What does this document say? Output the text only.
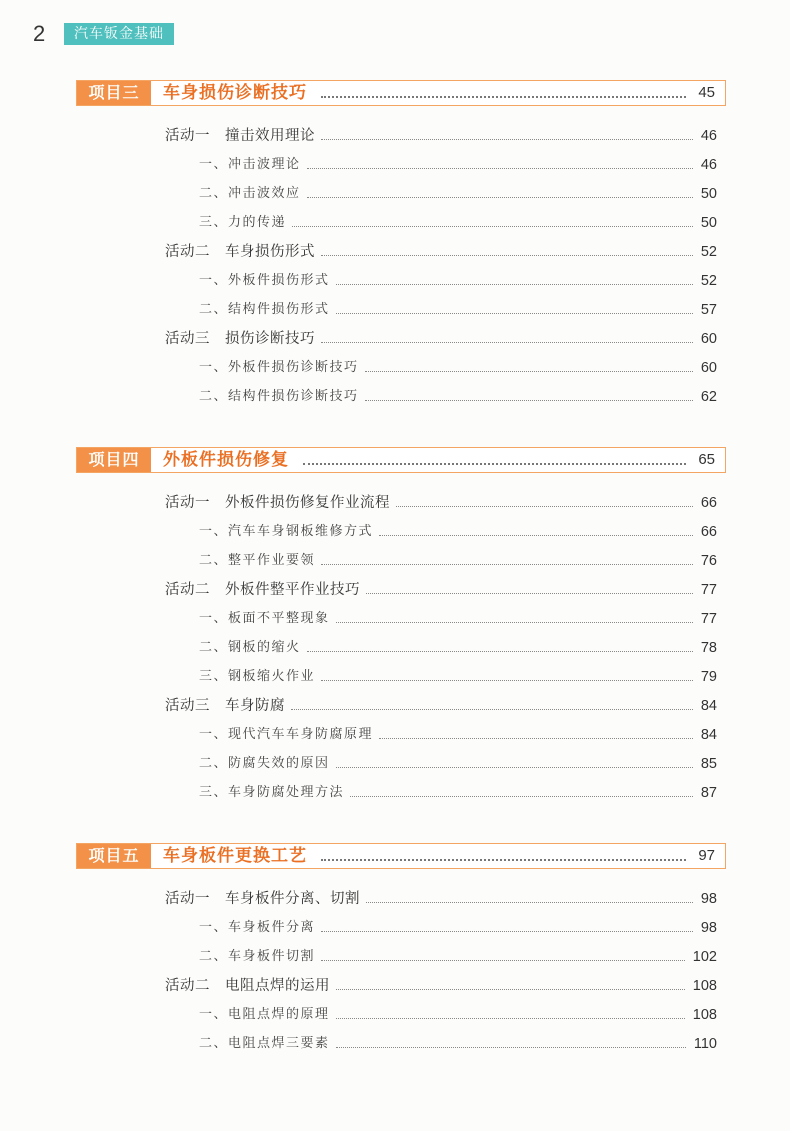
2	汽车钣金基础
项目三	车身损伤诊断技巧	45
活动一　撞击效用理论	46
一、冲击波理论	46
二、冲击波效应	50
三、力的传递	50
活动二　车身损伤形式	52
一、外板件损伤形式	52
二、结构件损伤形式	57
活动三　损伤诊断技巧	60
一、外板件损伤诊断技巧	60
二、结构件损伤诊断技巧	62
项目四	外板件损伤修复	65
活动一　外板件损伤修复作业流程	66
一、汽车车身钢板维修方式	66
二、整平作业要领	76
活动二　外板件整平作业技巧	77
一、板面不平整现象	77
二、钢板的缩火	78
三、钢板缩火作业	79
活动三　车身防腐	84
一、现代汽车车身防腐原理	84
二、防腐失效的原因	85
三、车身防腐处理方法	87
项目五	车身板件更换工艺	97
活动一　车身板件分离、切割	98
一、车身板件分离	98
二、车身板件切割	102
活动二　电阻点焊的运用	108
一、电阻点焊的原理	108
二、电阻点焊三要素	110
